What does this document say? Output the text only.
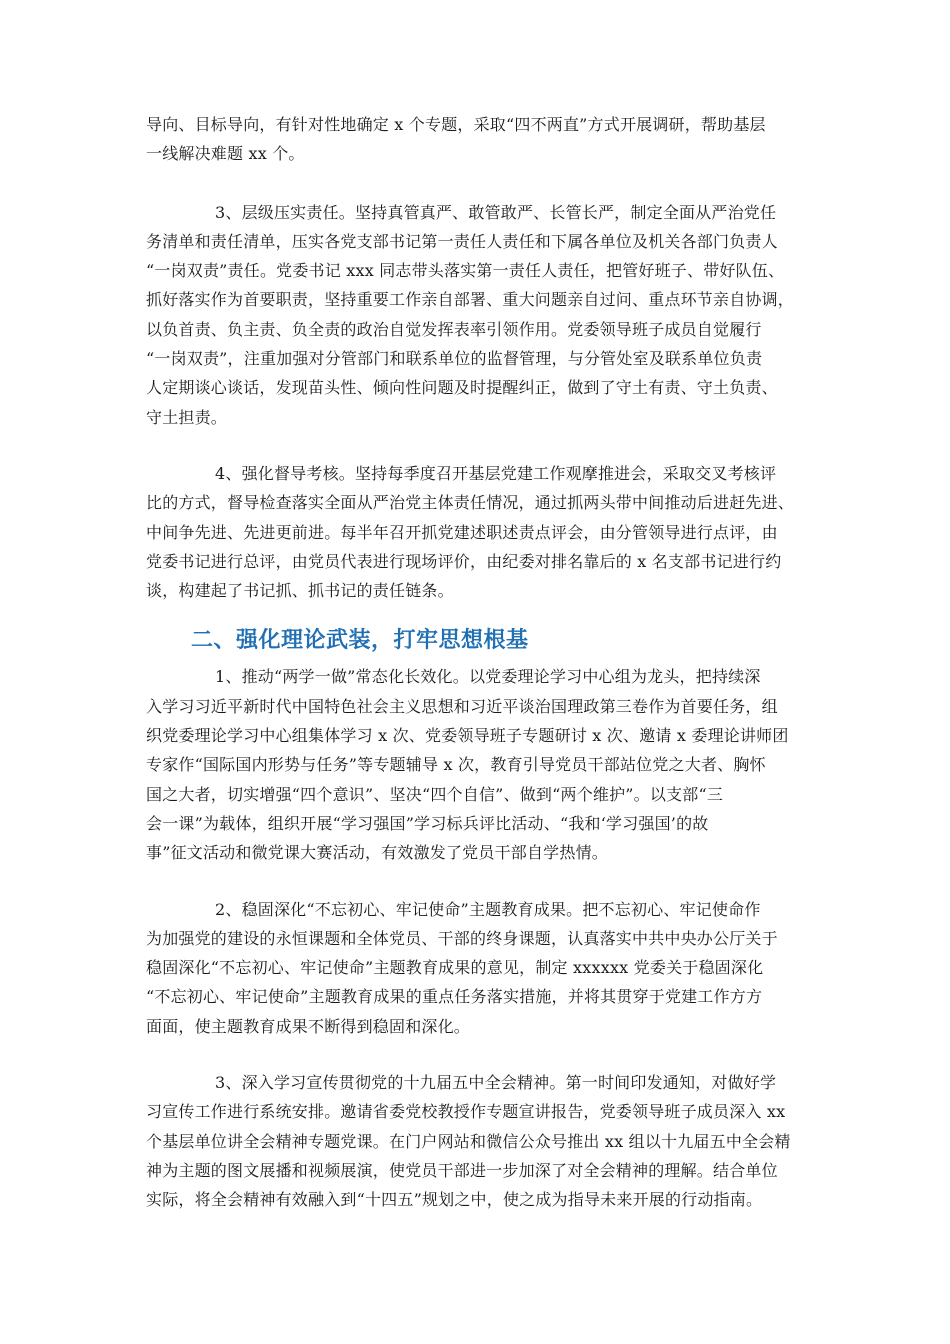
导向、目标导向，有针对性地确定 x 个专题，采取“四不两直”方式开展调研，帮助基层
一线解决难题 xx 个。
3、层级压实责任。坚持真管真严、敢管敢严、长管长严，制定全面从严治党任
务清单和责任清单，压实各党支部书记第一责任人责任和下属各单位及机关各部门负责人
“一岗双责”责任。党委书记 xxx 同志带头落实第一责任人责任，把管好班子、带好队伍、
抓好落实作为首要职责，坚持重要工作亲自部署、重大问题亲自过问、重点环节亲自协调，
以负首责、负主责、负全责的政治自觉发挥表率引领作用。党委领导班子成员自觉履行
“一岗双责”，注重加强对分管部门和联系单位的监督管理，与分管处室及联系单位负责
人定期谈心谈话，发现苗头性、倾向性问题及时提醒纠正，做到了守土有责、守土负责、
守土担责。
4、强化督导考核。坚持每季度召开基层党建工作观摩推进会，采取交叉考核评
比的方式，督导检查落实全面从严治党主体责任情况，通过抓两头带中间推动后进赶先进、
中间争先进、先进更前进。每半年召开抓党建述职述责点评会，由分管领导进行点评，由
党委书记进行总评，由党员代表进行现场评价，由纪委对排名靠后的 x 名支部书记进行约
谈，构建起了书记抓、抓书记的责任链条。
二、强化理论武装，打牢思想根基
1、推动“两学一做”常态化长效化。以党委理论学习中心组为龙头，把持续深
入学习习近平新时代中国特色社会主义思想和习近平谈治国理政第三卷作为首要任务，组
织党委理论学习中心组集体学习 x 次、党委领导班子专题研讨 x 次、邀请 x 委理论讲师团
专家作“国际国内形势与任务”等专题辅导 x 次，教育引导党员干部站位党之大者、胸怀
国之大者，切实增强“四个意识”、坚决“四个自信”、做到“两个维护”。以支部“三
会一课”为载体，组织开展“学习强国”学习标兵评比活动、“我和‘学习强国’的故
事”征文活动和微党课大赛活动，有效激发了党员干部自学热情。
2、稳固深化“不忘初心、牢记使命”主题教育成果。把不忘初心、牢记使命作
为加强党的建设的永恒课题和全体党员、干部的终身课题，认真落实中共中央办公厅关于
稳固深化“不忘初心、牢记使命”主题教育成果的意见，制定 xxxxxx 党委关于稳固深化
“不忘初心、牢记使命”主题教育成果的重点任务落实措施，并将其贯穿于党建工作方方
面面，使主题教育成果不断得到稳固和深化。
3、深入学习宣传贯彻党的十九届五中全会精神。第一时间印发通知，对做好学
习宣传工作进行系统安排。邀请省委党校教授作专题宣讲报告，党委领导班子成员深入 xx
个基层单位讲全会精神专题党课。在门户网站和微信公众号推出 xx 组以十九届五中全会精
神为主题的图文展播和视频展演，使党员干部进一步加深了对全会精神的理解。结合单位
实际，将全会精神有效融入到“十四五”规划之中，使之成为指导未来开展的行动指南。
